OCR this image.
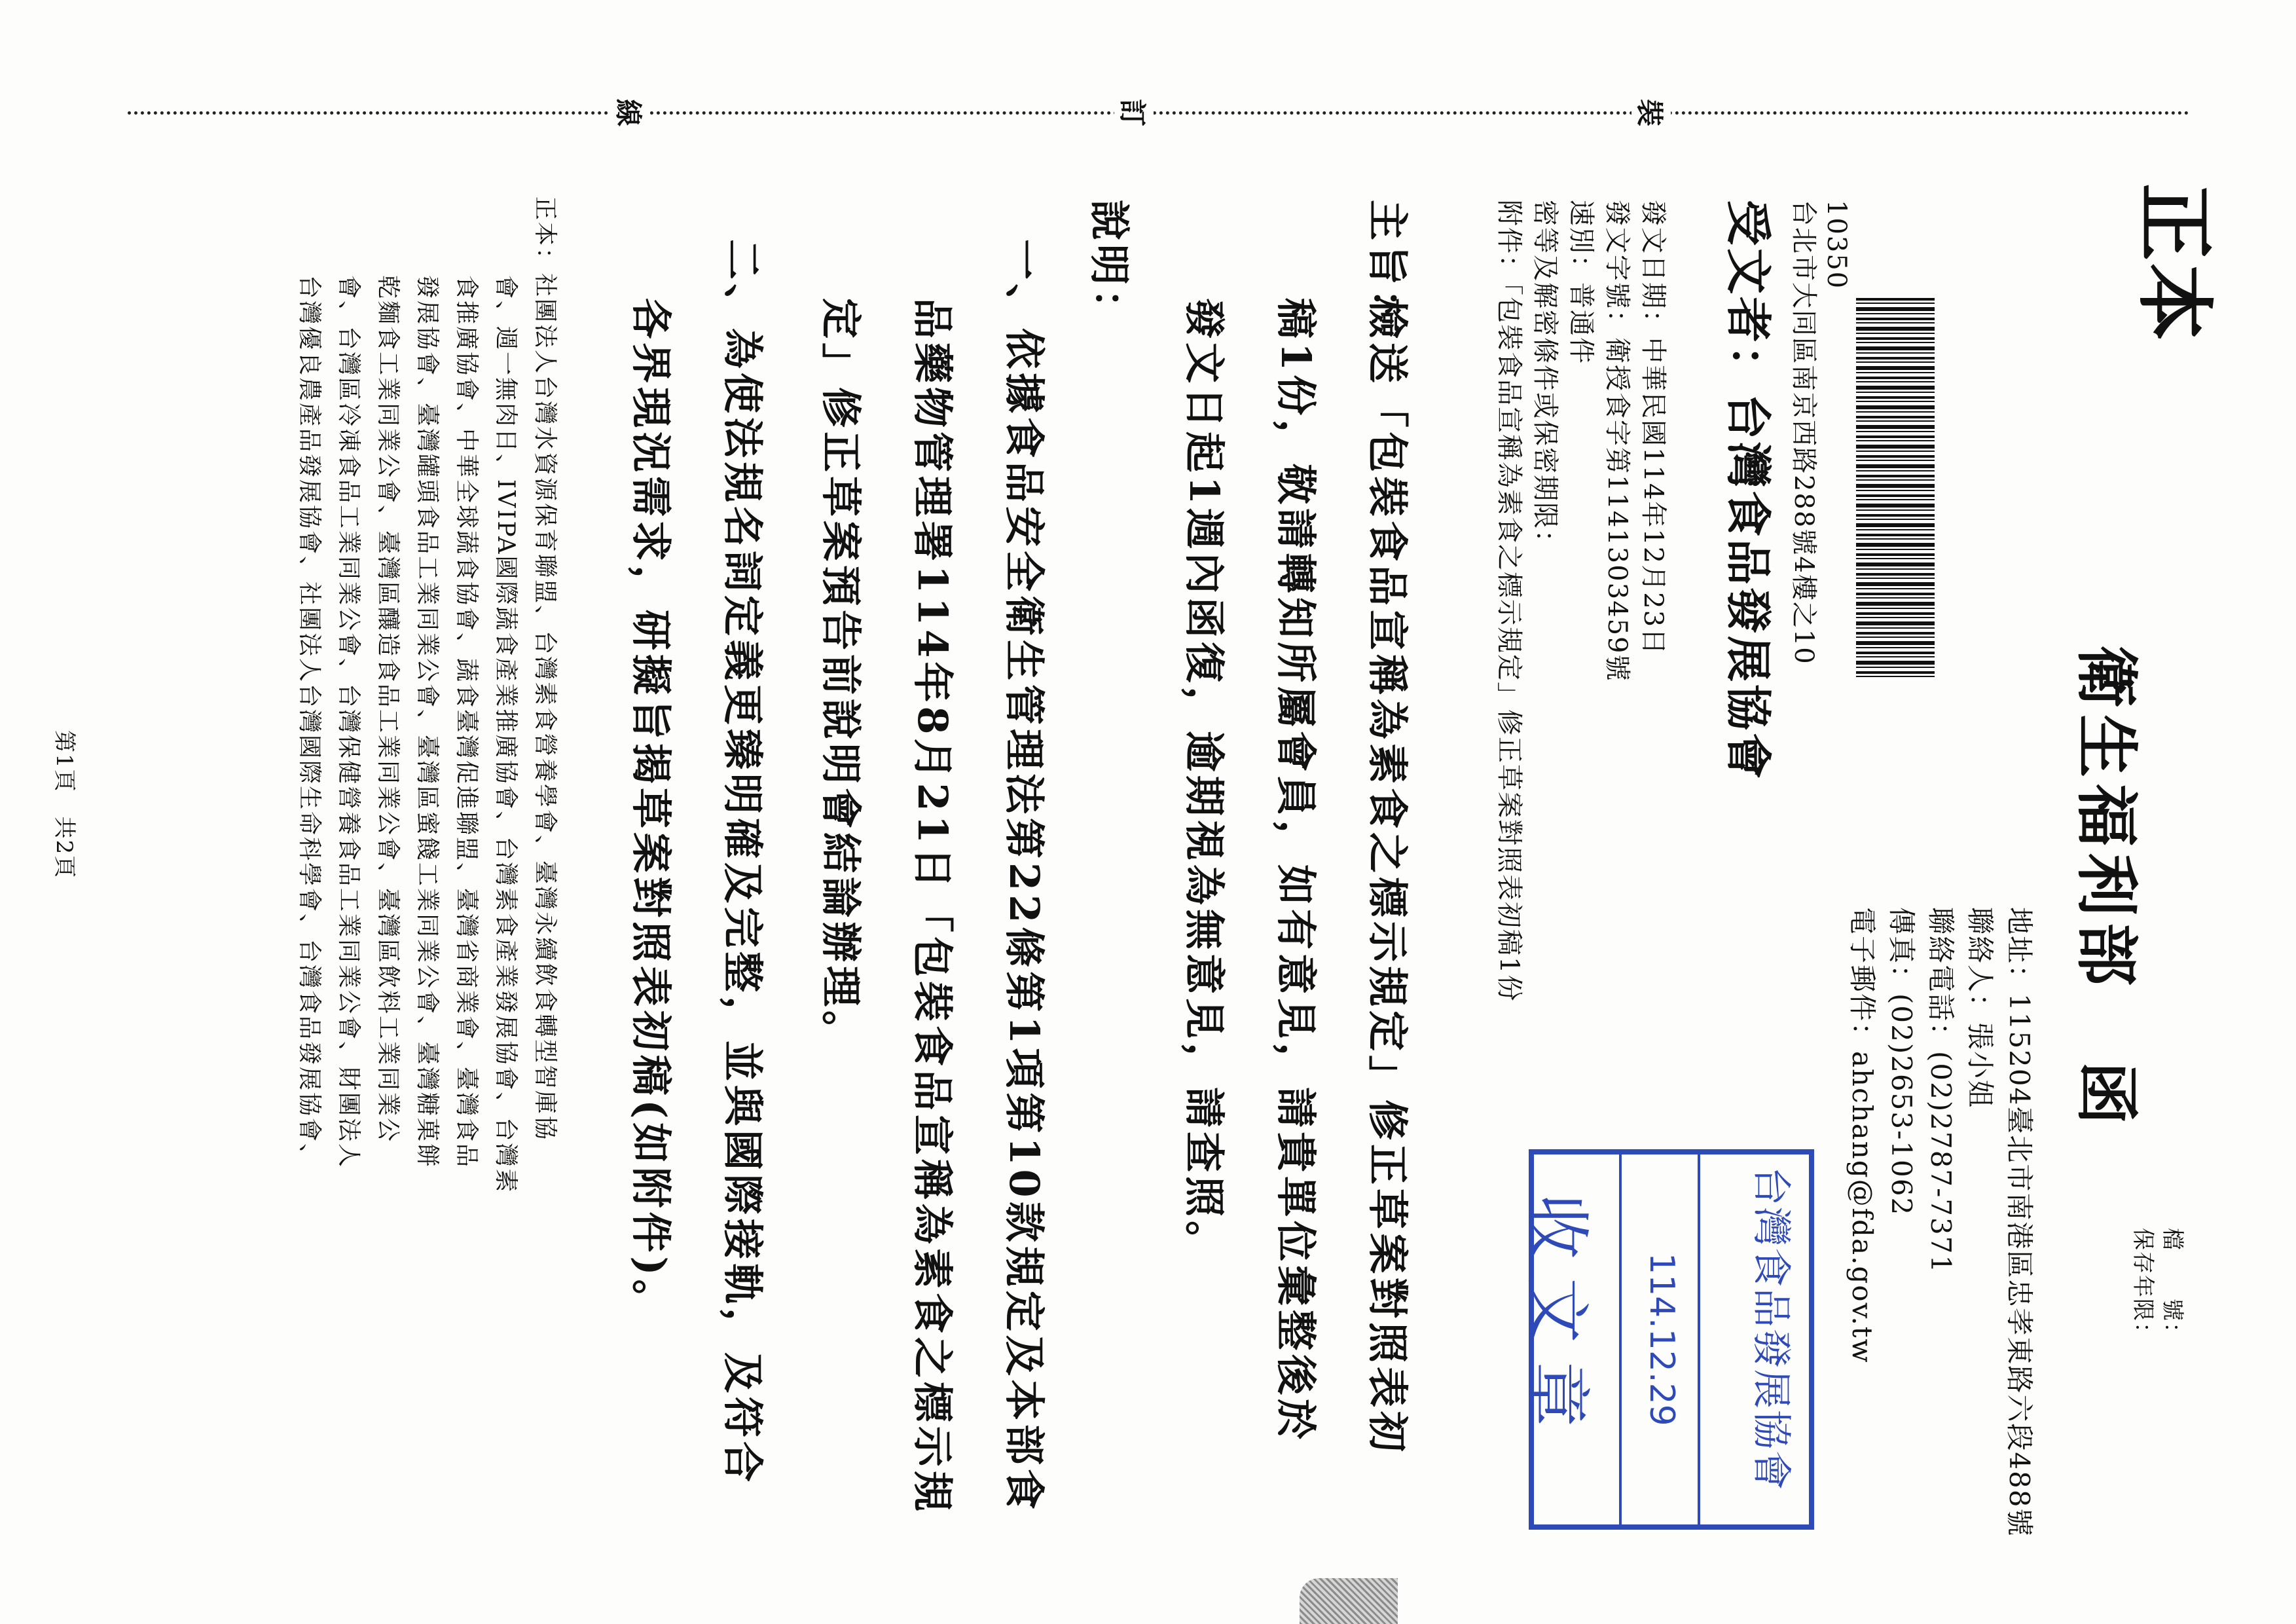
裝
訂
線
檔　　號：
保存年限：
正本
衛生福利部　函
地址：115204臺北市南港區忠孝東路六段488號
聯絡人：張小姐
聯絡電話：(02)2787-7371
傳真：(02)2653-1062
電子郵件：ahchang@fda.gov.tw
10350
台北市大同區南京西路288號4樓之10
受文者：台灣食品發展協會
發文日期：中華民國114年12月23日
發文字號：衛授食字第1141303459號
速別：普通件
密等及解密條件或保密期限：
附件：「包裝食品宣稱為素食之標示規定」修正草案對照表初稿1份
主旨：
檢送「包裝食品宣稱為素食之標示規定」修正草案對照表初
稿1份，敬請轉知所屬會員，如有意見，請貴單位彙整後於
發文日起1週內函復，逾期視為無意見，請查照。
說明：
一、依據食品安全衛生管理法第22條第1項第10款規定及本部食
品藥物管理署114年8月21日「包裝食品宣稱為素食之標示規
定」修正草案預告前說明會結論辦理。
二、為使法規名詞定義更臻明確及完整，並與國際接軌，及符合
各界現況需求，研擬旨揭草案對照表初稿(如附件)。
正本：社團法人台灣水資源保育聯盟、台灣素食營養學會、臺灣永續飲食轉型智庫協
會、週一無肉日、IVIPA國際蔬食產業推廣協會、台灣素食產業發展協會、台灣素
食推廣協會、中華全球蔬食協會、蔬食臺灣促進聯盟、臺灣省商業會、臺灣食品
發展協會、臺灣罐頭食品工業同業公會、臺灣區蜜餞工業同業公會、臺灣糖菓餅
乾麵食工業同業公會、臺灣區釀造食品工業同業公會、臺灣區飲料工業同業公
會、台灣區冷凍食品工業同業公會、台灣保健營養食品工業同業公會、財團法人
台灣優良農產品發展協會、社團法人台灣國際生命科學會、台灣食品發展協會、
第1頁　共2頁
台灣食品發展協會
114.12.29
收文章
